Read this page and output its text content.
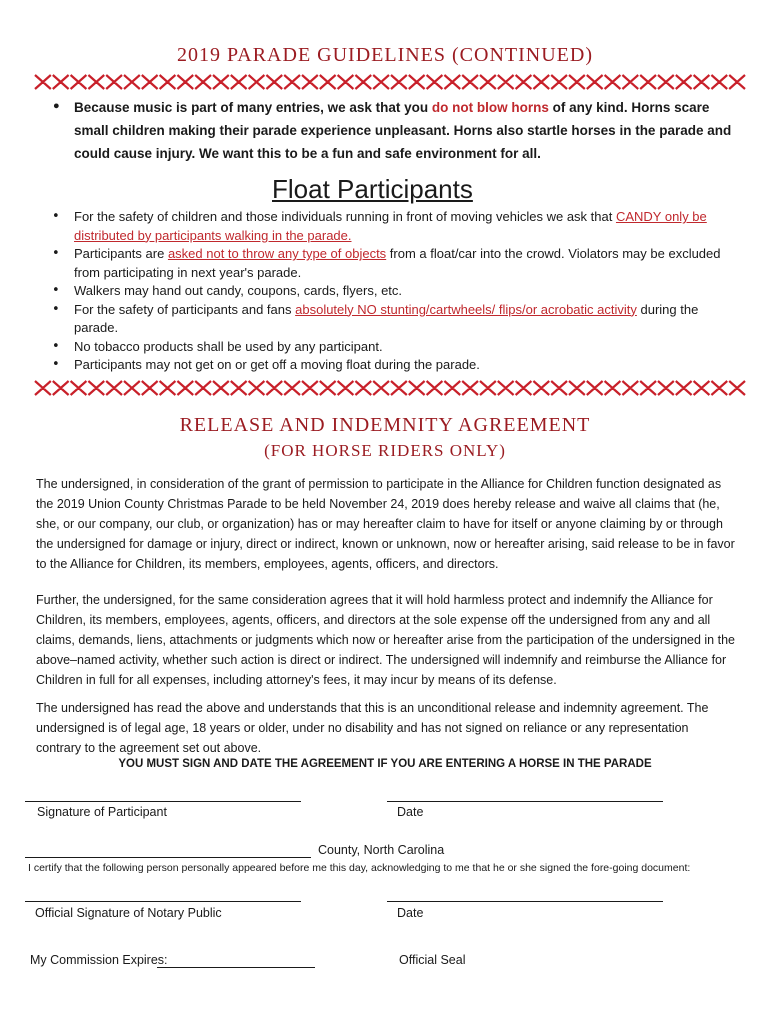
2019 PARADE GUIDELINES (CONTINUED)
• Because music is part of many entries, we ask that you do not blow horns of any kind. Horns scare small children making their parade experience unpleasant. Horns also startle horses in the parade and could cause injury. We want this to be a fun and safe environment for all.
Float Participants
• For the safety of children and those individuals running in front of moving vehicles we ask that CANDY only be distributed by participants walking in the parade.
• Participants are asked not to throw any type of objects from a float/car into the crowd. Violators may be excluded from participating in next year's parade.
• Walkers may hand out candy, coupons, cards, flyers, etc.
• For the safety of participants and fans absolutely NO stunting/cartwheels/ flips/or acrobatic activity during the parade.
• No tobacco products shall be used by any participant.
• Participants may not get on or get off a moving float during the parade.
RELEASE AND INDEMNITY AGREEMENT
(FOR HORSE RIDERS ONLY)
The undersigned, in consideration of the grant of permission to participate in the Alliance for Children function designated as the 2019 Union County Christmas Parade to be held November 24, 2019 does hereby release and waive all claims that (he, she, or our company, our club, or organization) has or may hereafter claim to have for itself or anyone claiming by or through the undersigned for damage or injury, direct or indirect, known or unknown, now or hereafter arising, said release to be in favor to the Alliance for Children, its members, employees, agents, officers, and directors.
Further, the undersigned, for the same consideration agrees that it will hold harmless protect and indemnify the Alliance for Children, its members, employees, agents, officers, and directors at the sole expense off the undersigned from any and all claims, demands, liens, attachments or judgments which now or hereafter arise from the participation of the undersigned in the above–named activity, whether such action is direct or indirect. The undersigned will indemnify and reimburse the Alliance for Children in full for all expenses, including attorney's fees, it may incur by means of its defense.
The undersigned has read the above and understands that this is an unconditional release and indemnity agreement. The undersigned is of legal age, 18 years or older, under no disability and has not signed on reliance or any representation contrary to the agreement set out above.
YOU MUST SIGN AND DATE THE AGREEMENT IF YOU ARE ENTERING A HORSE IN THE PARADE
Signature of Participant	Date
County, North Carolina
I certify that the following person personally appeared before me this day, acknowledging to me that he or she signed the fore-going document:
Official Signature of Notary Public	Date
My Commission Expires:	Official Seal
